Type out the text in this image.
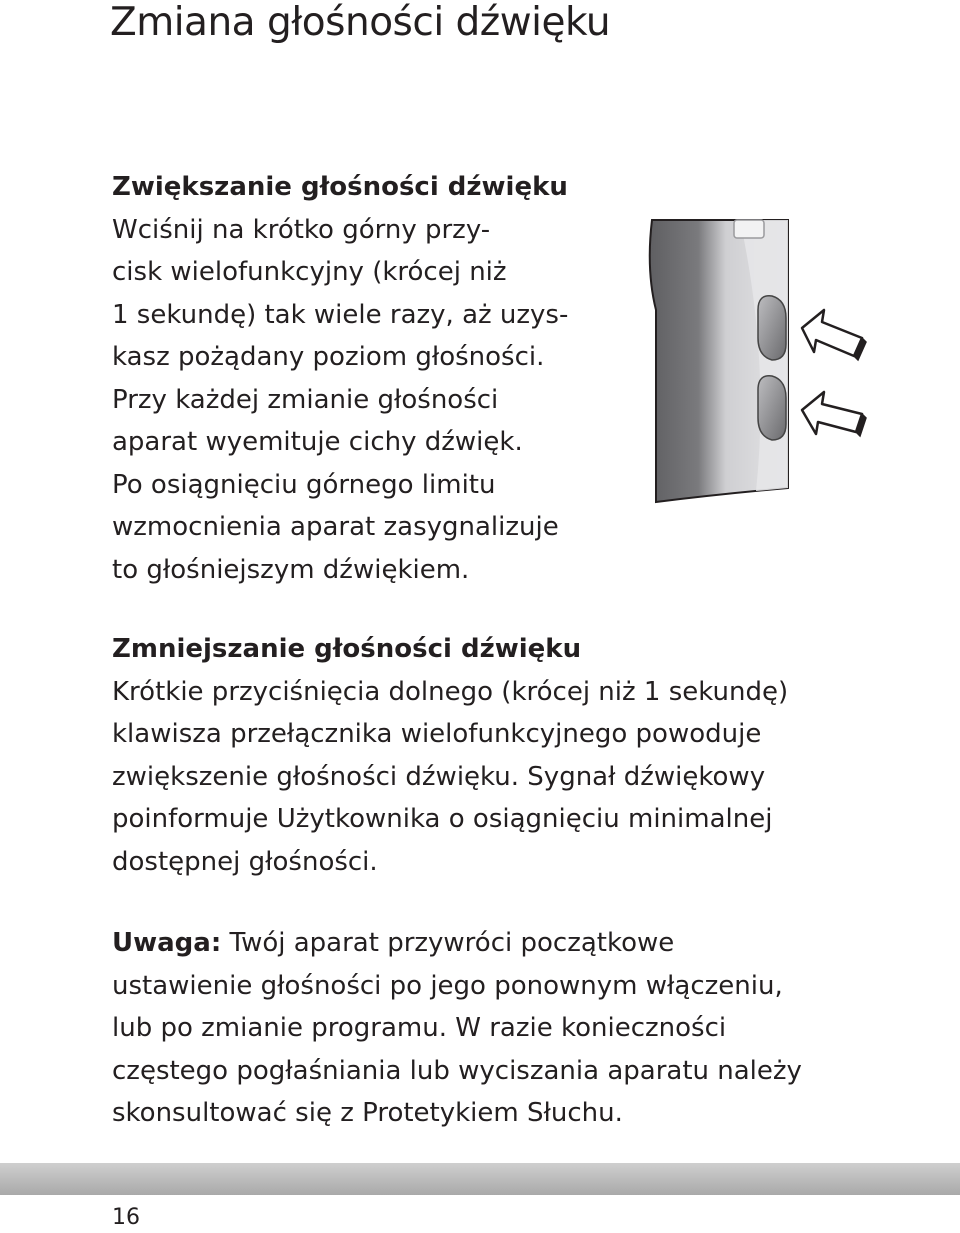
Zmiana głośności dźwięku
Zwiększanie głośności dźwięku
Wciśnij na krótko górny przy-
cisk wielofunkcyjny (krócej niż
1 sekundę) tak wiele razy, aż uzys-
kasz pożądany poziom głośności.
Przy każdej zmianie głośności
aparat wyemituje cichy dźwięk.
Po osiągnięciu górnego limitu
wzmocnienia aparat zasygnalizuje
to głośniejszym dźwiękiem.
Zmniejszanie głośności dźwięku
Krótkie przyciśnięcia dolnego (krócej niż 1 sekundę)
klawisza przełącznika wielofunkcyjnego powoduje
zwiększenie głośności dźwięku. Sygnał dźwiękowy
poinformuje Użytkownika o osiągnięciu minimalnej
dostępnej głośności.
Uwaga: Twój aparat przywróci początkowe
ustawienie głośności po jego ponownym włączeniu,
lub po zmianie programu. W razie konieczności
częstego pogłaśniania lub wyciszania aparatu należy
skonsultować się z Protetykiem Słuchu.
16
